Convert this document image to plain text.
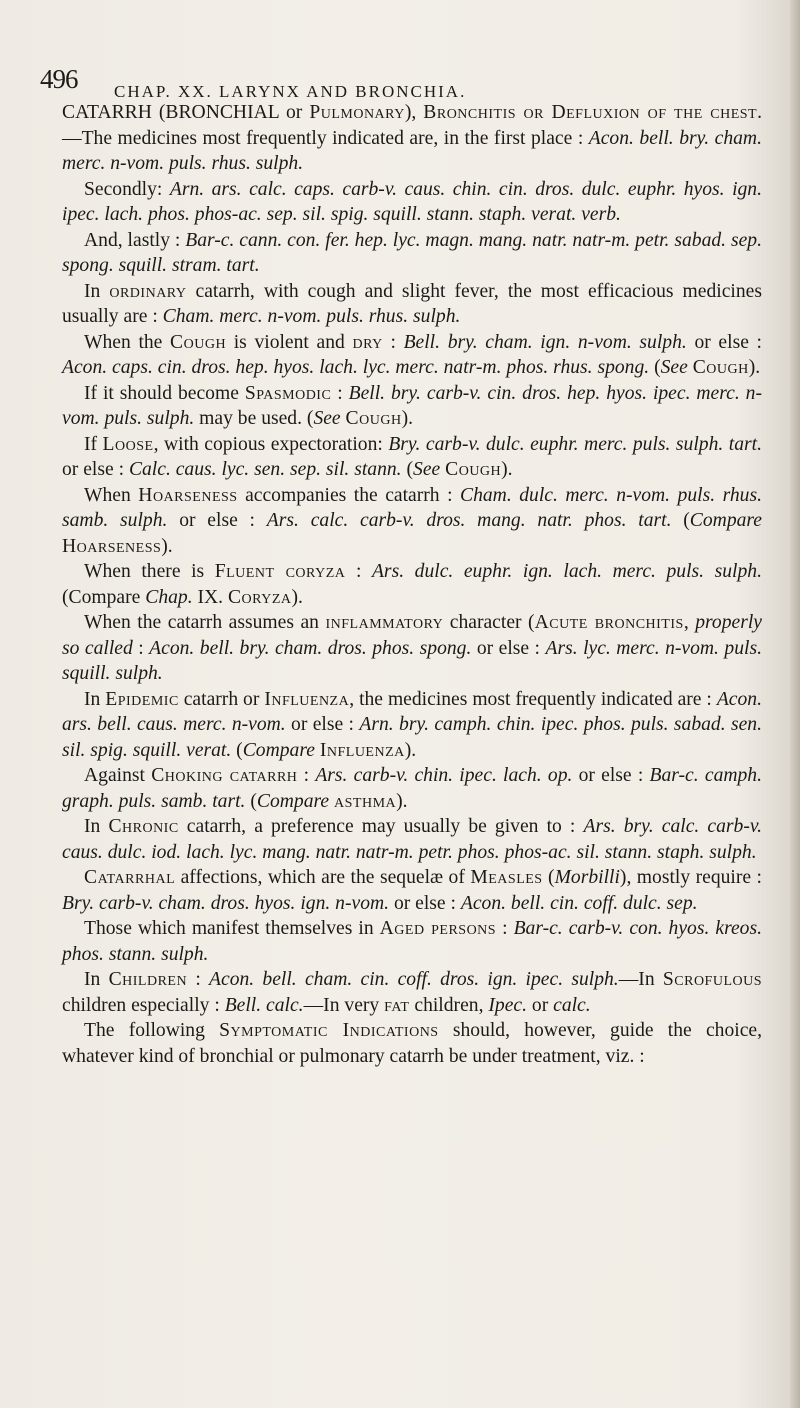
496 CHAP. XX. LARYNX AND BRONCHIA.

CATARRH (BRONCHIAL or Pulmonary), Bronchitis or Defluxion of the chest.—The medicines most frequently indicated are, in the first place : Acon. bell. bry. cham. merc. n-vom. puls. rhus. sulph.

Secondly: Arn. ars. calc. caps. carb-v. caus. chin. cin. dros. dulc. euphr. hyos. ign. ipec. lach. phos. phos-ac. sep. sil. spig. squill. stann. staph. verat. verb.

And, lastly : Bar-c. cann. con. fer. hep. lyc. magn. mang. natr. natr-m. petr. sabad. sep. spong. squill. stram. tart.

In ordinary catarrh, with cough and slight fever, the most efficacious medicines usually are : Cham. merc. n-vom. puls. rhus. sulph.

When the Cough is violent and dry : Bell. bry. cham. ign. n-vom. sulph. or else : Acon. caps. cin. dros. hep. hyos. lach. lyc. merc. natr-m. phos. rhus. spong. (See Cough).

If it should become Spasmodic : Bell. bry. carb-v. cin. dros. hep. hyos. ipec. merc. n-vom. puls. sulph. may be used. (See Cough).

If Loose, with copious expectoration: Bry. carb-v. dulc. euphr. merc. puls. sulph. tart. or else : Calc. caus. lyc. sen. sep. sil. stann. (See Cough).

When Hoarseness accompanies the catarrh : Cham. dulc. merc. n-vom. puls. rhus. samb. sulph. or else : Ars. calc. carb-v. dros. mang. natr. phos. tart. (Compare Hoarseness).

When there is Fluent coryza : Ars. dulc. euphr. ign. lach. merc. puls. sulph. (Compare Chap. IX. Coryza).

When the catarrh assumes an inflammatory character (Acute bronchitis, properly so called : Acon. bell. bry. cham. dros. phos. spong. or else : Ars. lyc. merc. n-vom. puls. squill. sulph.

In Epidemic catarrh or Influenza, the medicines most frequently indicated are : Acon. ars. bell. caus. merc. n-vom. or else : Arn. bry. camph. chin. ipec. phos. puls. sabad. sen. sil. spig. squill. verat. (Compare Influenza).

Against Choking catarrh : Ars. carb-v. chin. ipec. lach. op. or else : Bar-c. camph. graph. puls. samb. tart. (Compare asthma).

In Chronic catarrh, a preference may usually be given to : Ars. bry. calc. carb-v. caus. dulc. iod. lach. lyc. mang. natr. natr-m. petr. phos. phos-ac. sil. stann. staph. sulph.

Catarrhal affections, which are the sequelæ of Measles (Morbilli), mostly require : Bry. carb-v. cham. dros. hyos. ign. n-vom. or else : Acon. bell. cin. coff. dulc. sep.

Those which manifest themselves in Aged persons : Bar-c. carb-v. con. hyos. kreos. phos. stann. sulph.

In Children : Acon. bell. cham. cin. coff. dros. ign. ipec. sulph.—In Scrofulous children especially : Bell. calc.—In very fat children, Ipec. or calc.

The following Symptomatic Indications should, however, guide the choice, whatever kind of bronchial or pulmonary catarrh be under treatment, viz. :
